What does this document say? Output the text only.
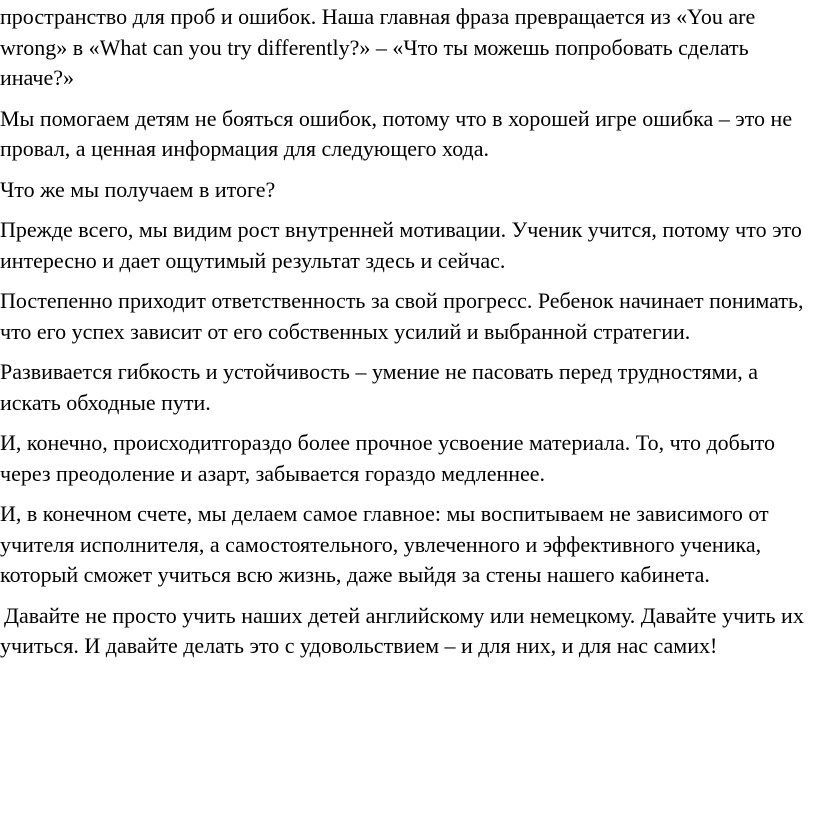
пространство для проб и ошибок. Наша главная фраза превращается из «You are wrong» в «What can you try differently?» – «Что ты можешь попробовать сделать иначе?»

Мы помогаем детям не бояться ошибок, потому что в хорошей игре ошибка – это не провал, а ценная информация для следующего хода.

Что же мы получаем в итоге?

Прежде всего, мы видим рост внутренней мотивации. Ученик учится, потому что это интересно и дает ощутимый результат здесь и сейчас.

Постепенно приходит ответственность за свой прогресс. Ребенок начинает понимать, что его успех зависит от его собственных усилий и выбранной стратегии.

Развивается гибкость и устойчивость – умение не пасовать перед трудностями, а искать обходные пути.

И, конечно, происходитгораздо более прочное усвоение материала. То, что добыто через преодоление и азарт, забывается гораздо медленнее.

И, в конечном счете, мы делаем самое главное: мы воспитываем не зависимого от учителя исполнителя, а самостоятельного, увлеченного и эффективного ученика, который сможет учиться всю жизнь, даже выйдя за стены нашего кабинета.

Давайте не просто учить наших детей английскому или немецкому. Давайте учить их учиться. И давайте делать это с удовольствием – и для них, и для нас самих!
